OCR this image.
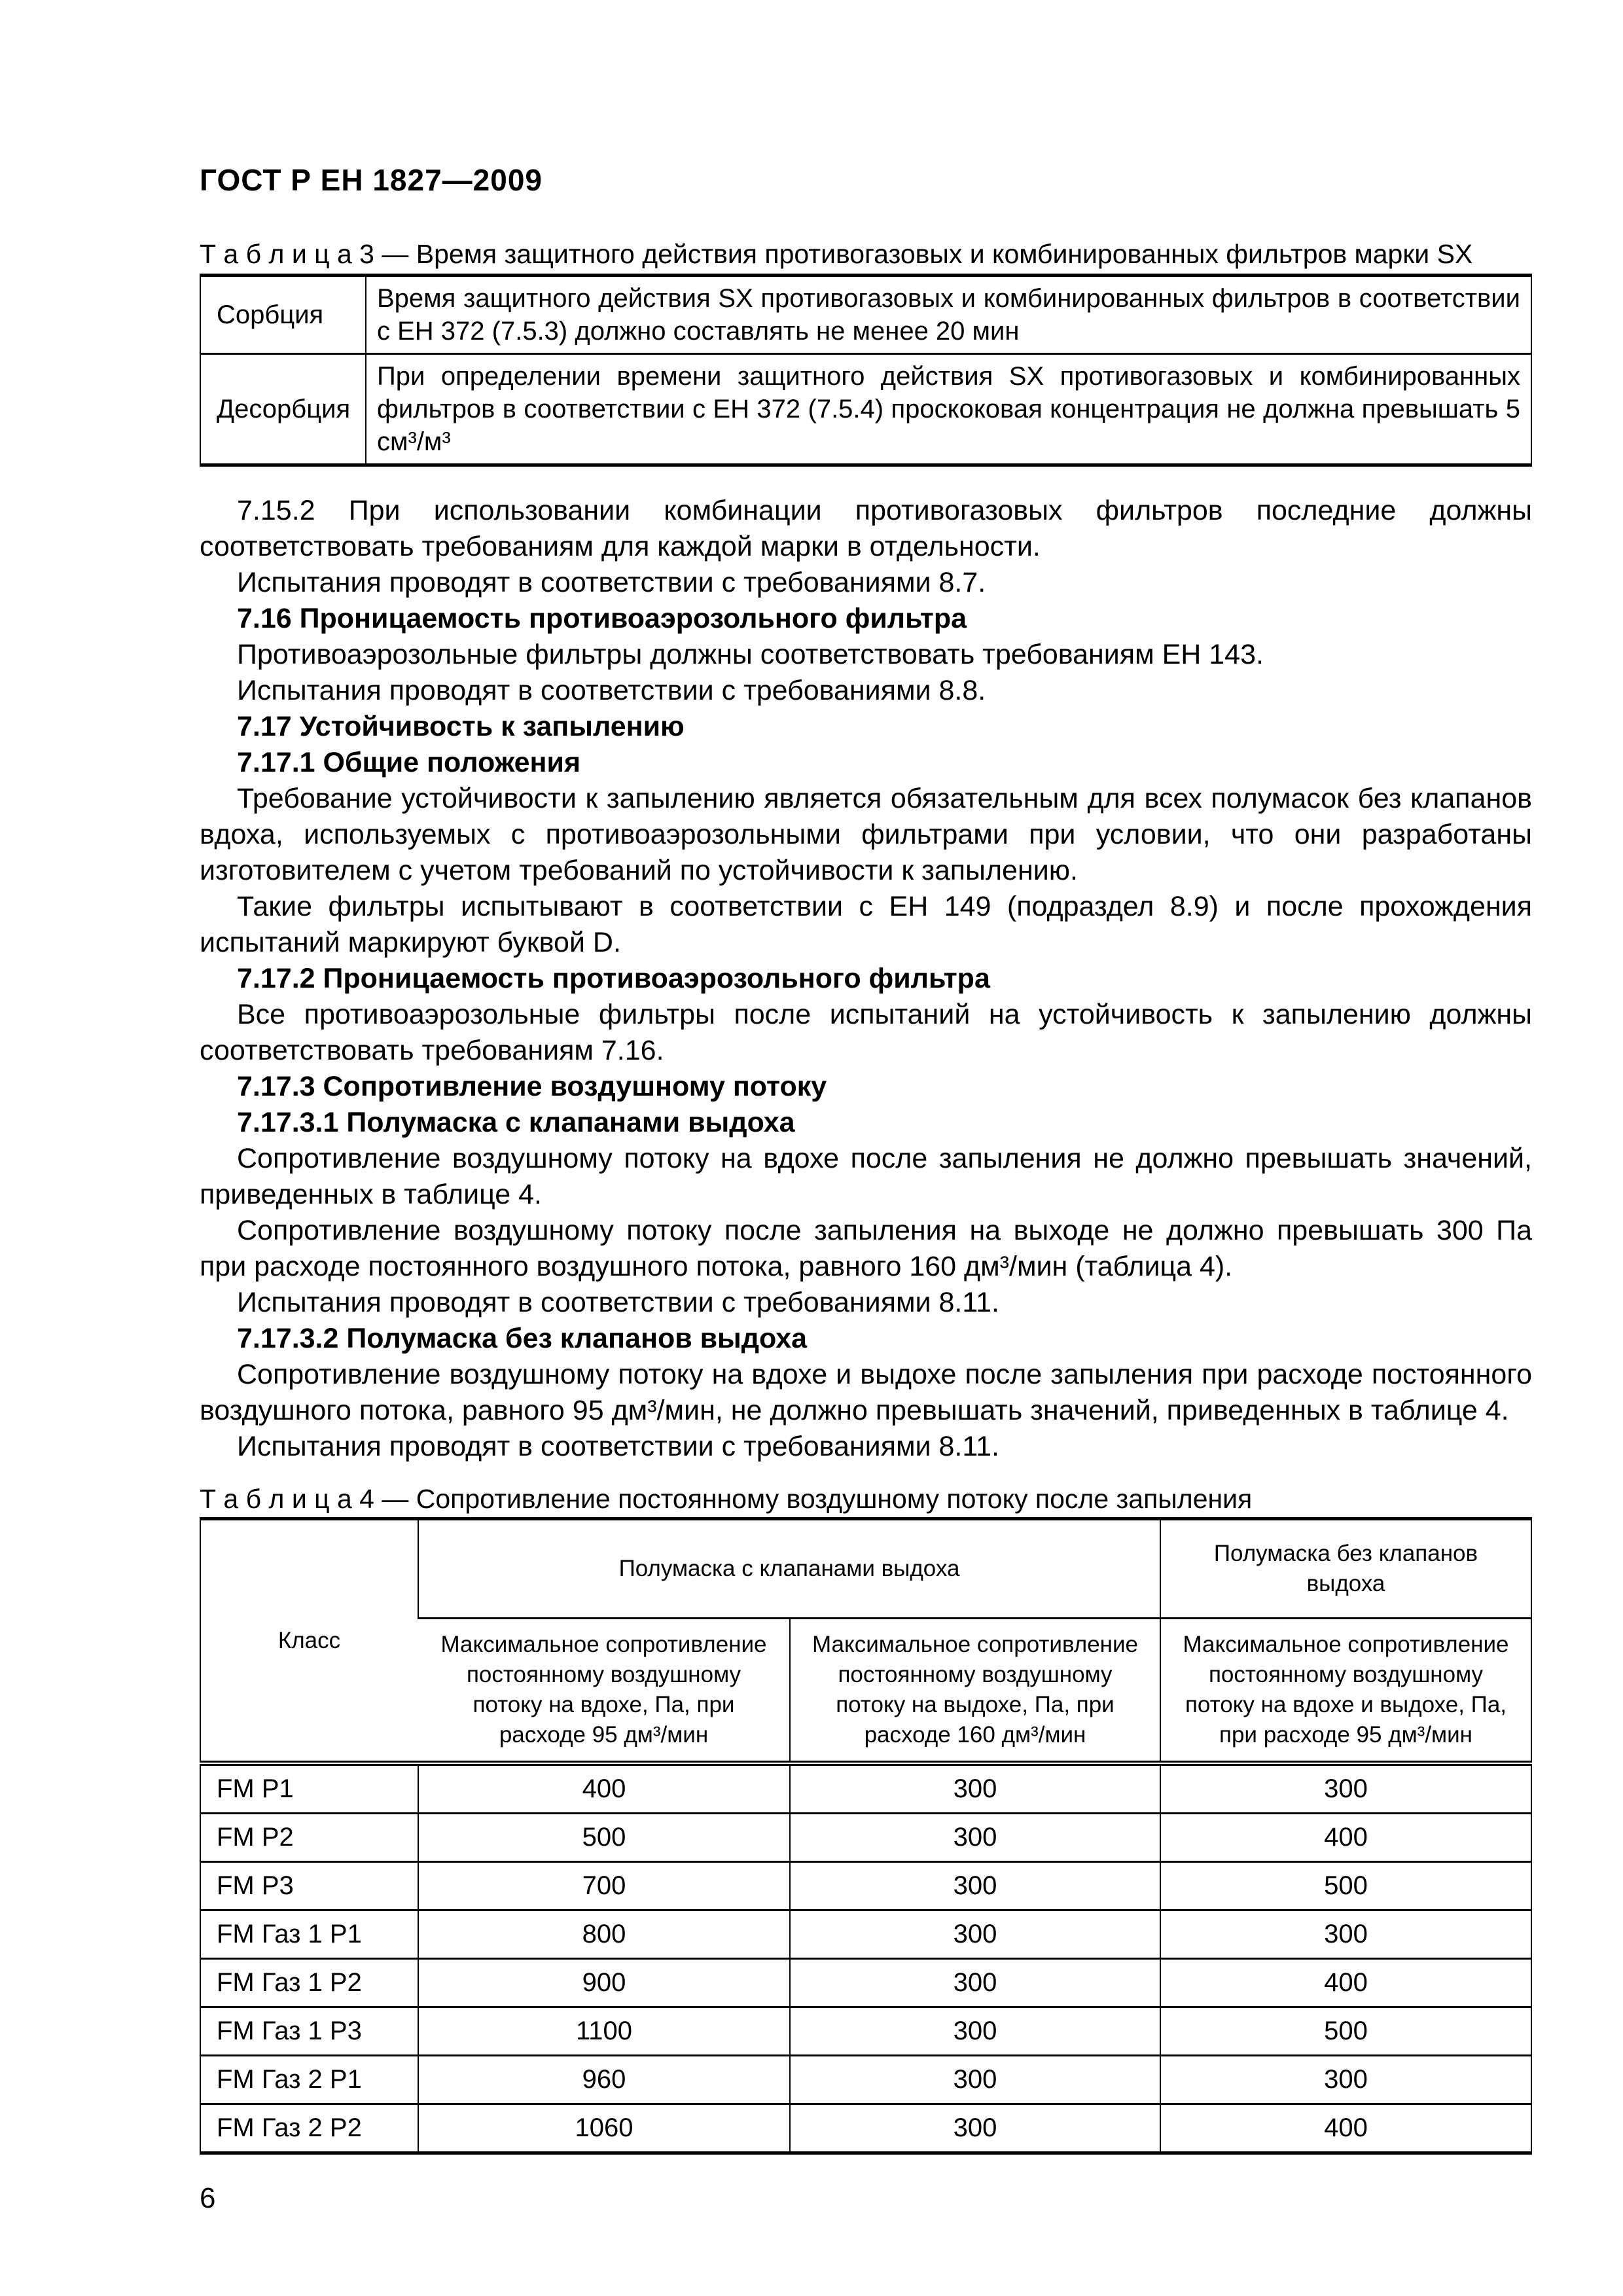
ГОСТ Р ЕН 1827—2009
Т а б л и ц а 3 — Время защитного действия противогазовых и комбинированных фильтров марки SX
Сорбция	Время защитного действия SX противогазовых и комбинированных фильтров в соответствии с ЕН 372 (7.5.3) должно составлять не менее 20 мин
Десорбция	При определении времени защитного действия SX противогазовых и комбинированных фильтров в соответствии с ЕН 372 (7.5.4) проскоковая концентрация не должна превышать 5 см³/м³

7.15.2 При использовании комбинации противогазовых фильтров последние должны соответствовать требованиям для каждой марки в отдельности.

Испытания проводят в соответствии с требованиями 8.7.

7.16 Проницаемость противоаэрозольного фильтра

Противоаэрозольные фильтры должны соответствовать требованиям ЕН 143.

Испытания проводят в соответствии с требованиями 8.8.

7.17 Устойчивость к запылению

7.17.1 Общие положения

Требование устойчивости к запылению является обязательным для всех полумасок без клапанов вдоха, используемых с противоаэрозольными фильтрами при условии, что они разработаны изготовителем с учетом требований по устойчивости к запылению.

Такие фильтры испытывают в соответствии с ЕН 149 (подраздел 8.9) и после прохождения испытаний маркируют буквой D.

7.17.2 Проницаемость противоаэрозольного фильтра

Все противоаэрозольные фильтры после испытаний на устойчивость к запылению должны соответствовать требованиям 7.16.

7.17.3 Сопротивление воздушному потоку

7.17.3.1 Полумаска с клапанами выдоха

Сопротивление воздушному потоку на вдохе после запыления не должно превышать значений, приведенных в таблице 4.

Сопротивление воздушному потоку после запыления на выходе не должно превышать 300 Па при расходе постоянного воздушного потока, равного 160 дм³/мин (таблица 4).

Испытания проводят в соответствии с требованиями 8.11.

7.17.3.2 Полумаска без клапанов выдоха

Сопротивление воздушному потоку на вдохе и выдохе после запыления при расходе постоянного воздушного потока, равного 95 дм³/мин, не должно превышать значений, приведенных в таблице 4.

Испытания проводят в соответствии с требованиями 8.11.

Т а б л и ц а 4 — Сопротивление постоянному воздушному потоку после запыления
Класс	Полумаска с клапанами выдоха		Полумаска без клапанов выдоха
	Максимальное сопротивление постоянному воздушному потоку на вдохе, Па, при расходе 95 дм³/мин	Максимальное сопротивление постоянному воздушному потоку на выдохе, Па, при расходе 160 дм³/мин	Максимальное сопротивление постоянному воздушному потоку на вдохе и выдохе, Па, при расходе 95 дм³/мин
FM P1	400	300	300
FM P2	500	300	400
FM P3	700	300	500
FM Газ 1 P1	800	300	300
FM Газ 1 P2	900	300	400
FM Газ 1 P3	1100	300	500
FM Газ 2 P1	960	300	300
FM Газ 2 P2	1060	300	400
6
